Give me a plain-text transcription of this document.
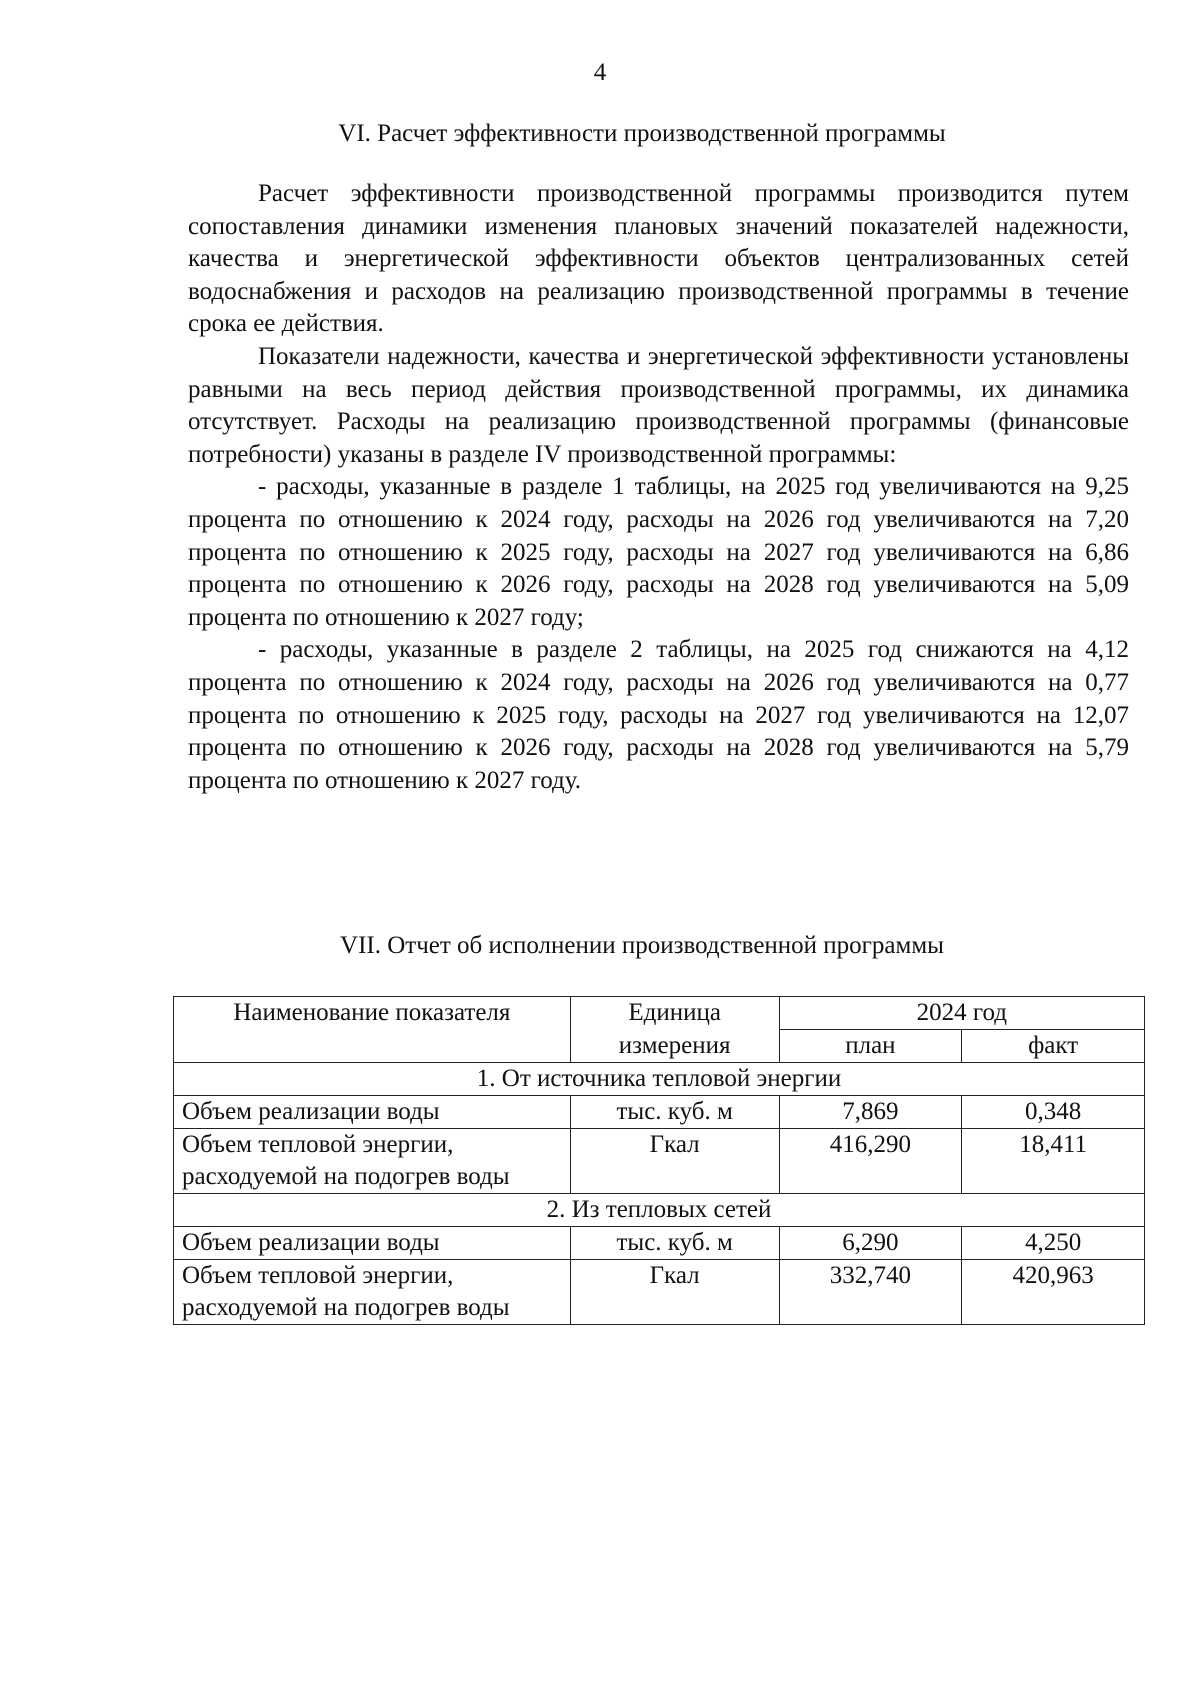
4
VI. Расчет эффективности производственной программы

Расчет эффективности производственной программы производится путем сопоставления динамики изменения плановых значений показателей надежности, качества и энергетической эффективности объектов централизованных сетей водоснабжения и расходов на реализацию производственной программы в течение срока ее действия.

Показатели надежности, качества и энергетической эффективности установлены равными на весь период действия производственной программы, их динамика отсутствует. Расходы на реализацию производственной программы (финансовые потребности) указаны в разделе IV производственной программы:

- расходы, указанные в разделе 1 таблицы, на 2025 год увеличиваются на 9,25 процента по отношению к 2024 году, расходы на 2026 год увеличиваются на 7,20 процента по отношению к 2025 году, расходы на 2027 год увеличиваются на 6,86 процента по отношению к 2026 году, расходы на 2028 год увеличиваются на 5,09 процента по отношению к 2027 году;

- расходы, указанные в разделе 2 таблицы, на 2025 год снижаются на 4,12 процента по отношению к 2024 году, расходы на 2026 год увеличиваются на 0,77 процента по отношению к 2025 году, расходы на 2027 год увеличиваются на 12,07 процента по отношению к 2026 году, расходы на 2028 год увеличиваются на 5,79 процента по отношению к 2027 году.

VII. Отчет об исполнении производственной программы
Наименование показателя	Единица	2024 год	
	измерения	план	факт
1. От источника тепловой энергии			
Объем реализации воды	тыс. куб. м	7,869	0,348
Объем тепловой энергии, расходуемой на подогрев воды	Гкал	416,290	18,411
2. Из тепловых сетей			
Объем реализации воды	тыс. куб. м	6,290	4,250
Объем тепловой энергии, расходуемой на подогрев воды	Гкал	332,740	420,963
